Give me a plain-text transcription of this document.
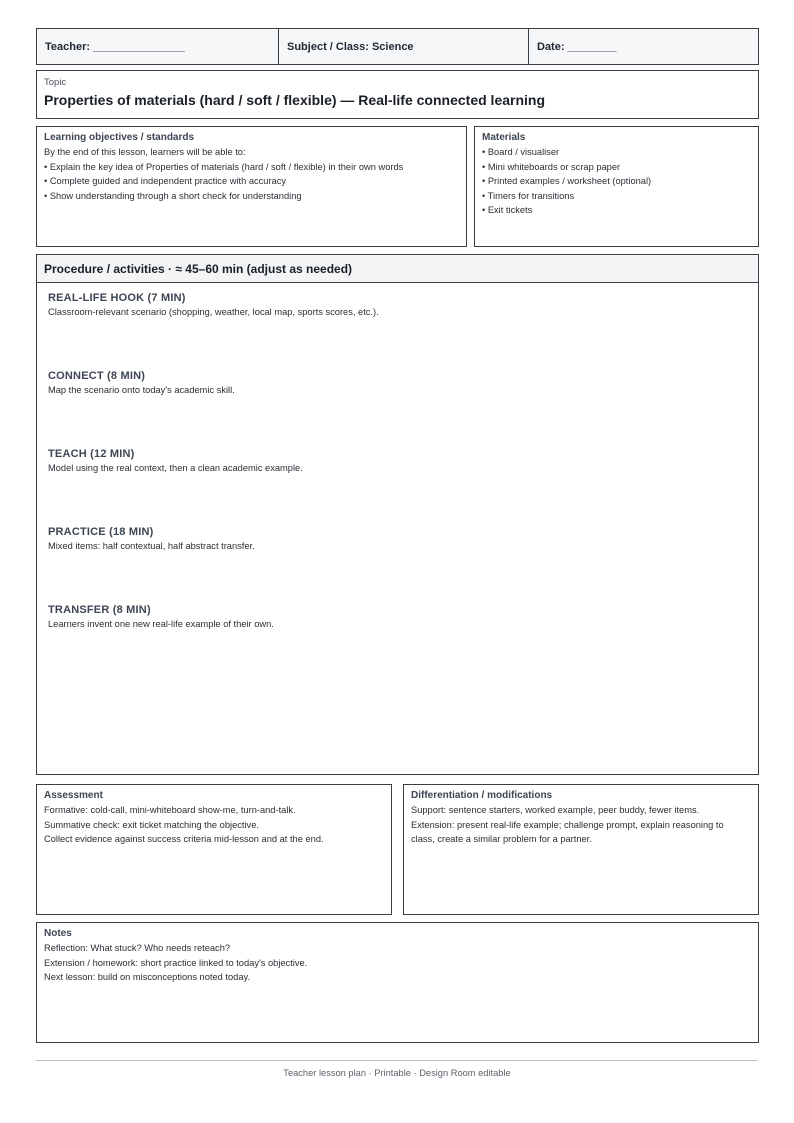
Teacher: _______________	Subject / Class: Science	Date: ________
Topic
Properties of materials (hard / soft / flexible) — Real-life connected learning
Learning objectives / standards
By the end of this lesson, learners will be able to:
• Explain the key idea of Properties of materials (hard / soft / flexible) in their own words
• Complete guided and independent practice with accuracy
• Show understanding through a short check for understanding
Materials
• Board / visualiser
• Mini whiteboards or scrap paper
• Printed examples / worksheet (optional)
• Timers for transitions
• Exit tickets
Procedure / activities · ≈ 45–60 min (adjust as needed)
REAL-LIFE HOOK (7 MIN)
Classroom-relevant scenario (shopping, weather, local map, sports scores, etc.).
CONNECT (8 MIN)
Map the scenario onto today's academic skill.
TEACH (12 MIN)
Model using the real context, then a clean academic example.
PRACTICE (18 MIN)
Mixed items: half contextual, half abstract transfer.
TRANSFER (8 MIN)
Learners invent one new real-life example of their own.
Assessment
Formative: cold-call, mini-whiteboard show-me, turn-and-talk.
Summative check: exit ticket matching the objective.
Collect evidence against success criteria mid-lesson and at the end.
Differentiation / modifications
Support: sentence starters, worked example, peer buddy, fewer items.
Extension: present real-life example; challenge prompt, explain reasoning to
class, create a similar problem for a partner.
Notes
Reflection: What stuck? Who needs reteach?
Extension / homework: short practice linked to today's objective.
Next lesson: build on misconceptions noted today.
Teacher lesson plan · Printable · Design Room editable
